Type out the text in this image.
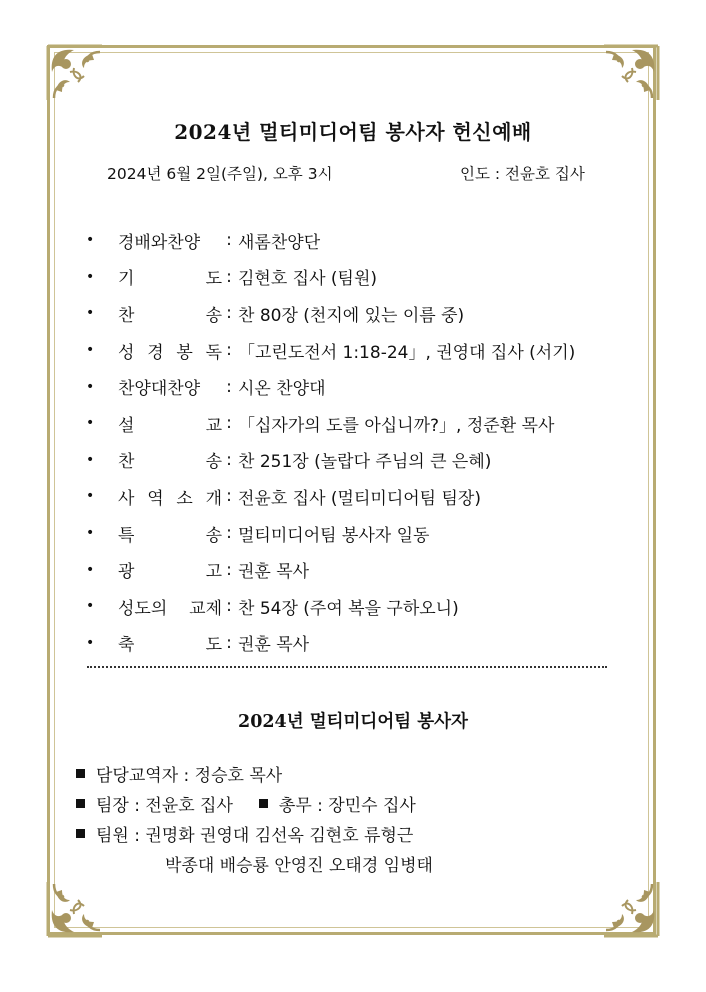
2024년 멀티미디어팀 봉사자 헌신예배
2024년 6월 2일(주일), 오후 3시	인도 : 전윤호 집사
•	경배와찬양 : 새롬찬양단
•	기	도 : 김현호 집사 (팀원)
•	찬	송 : 찬 80장 (천지에 있는 이름 중)
•	성 경 봉 독 : 「고린도전서 1:18-24」, 권영대 집사 (서기)
•	찬양대찬양 : 시온 찬양대
•	설	교 : 「십자가의 도를 아십니까?」, 정준환 목사
•	찬	송 : 찬 251장 (놀랍다 주님의 큰 은혜)
•	사 역 소 개 : 전윤호 집사 (멀티미디어팀 팀장)
•	특	송 : 멀티미디어팀 봉사자 일동
•	광	고 : 권훈 목사
•	성도의 교제 : 찬 54장 (주여 복을 구하오니)
•	축	도 : 권훈 목사
2024년 멀티미디어팀 봉사자
담당교역자 : 정승호 목사
팀장 : 전윤호 집사	총무 : 장민수 집사
팀원 : 권명화 권영대 김선옥 김현호 류형근
박종대 배승룡 안영진 오태경 임병태
